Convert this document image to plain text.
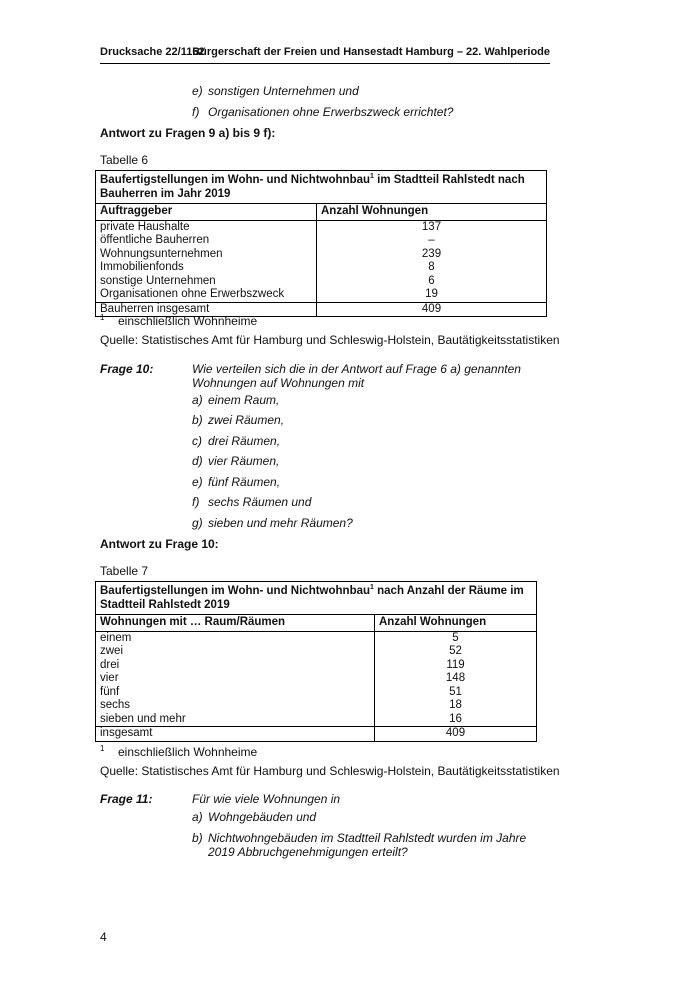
Drucksache 22/1162
Bürgerschaft der Freien und Hansestadt Hamburg – 22. Wahlperiode
e) sonstigen Unternehmen und
f) Organisationen ohne Erwerbszweck errichtet?
Antwort zu Fragen 9 a) bis 9 f):
Tabelle 6
Baufertigstellungen im Wohn- und Nichtwohnbau$^1$ im Stadtteil Rahlstedt nach Bauherren im Jahr 2019	
Auftraggeber	Anzahl Wohnungen
private Haushalte	137
öffentliche Bauherren	–
Wohnungsunternehmen	239
Immobilienfonds	8
sonstige Unternehmen	6
Organisationen ohne Erwerbszweck	19
Bauherren insgesamt	409
1 einschließlich Wohnheime
Quelle: Statistisches Amt für Hamburg und Schleswig-Holstein, Bautätigkeitsstatistiken
Frage 10:	Wie verteilen sich die in der Antwort auf Frage 6 a) genannten Wohnungen auf Wohnungen mit
a) einem Raum,
b) zwei Räumen,
c) drei Räumen,
d) vier Räumen,
e) fünf Räumen,
f) sechs Räumen und
g) sieben und mehr Räumen?
Antwort zu Frage 10:
Tabelle 7
Baufertigstellungen im Wohn- und Nichtwohnbau$^1$ nach Anzahl der Räume im Stadtteil Rahlstedt 2019	
Wohnungen mit … Raum/Räumen	Anzahl Wohnungen
einem	5
zwei	52
drei	119
vier	148
fünf	51
sechs	18
sieben und mehr	16
insgesamt	409
1 einschließlich Wohnheime
Quelle: Statistisches Amt für Hamburg und Schleswig-Holstein, Bautätigkeitsstatistiken
Frage 11:	Für wie viele Wohnungen in
a) Wohngebäuden und
b) Nichtwohngebäuden im Stadtteil Rahlstedt wurden im Jahre 2019 Abbruchgenehmigungen erteilt?
4
